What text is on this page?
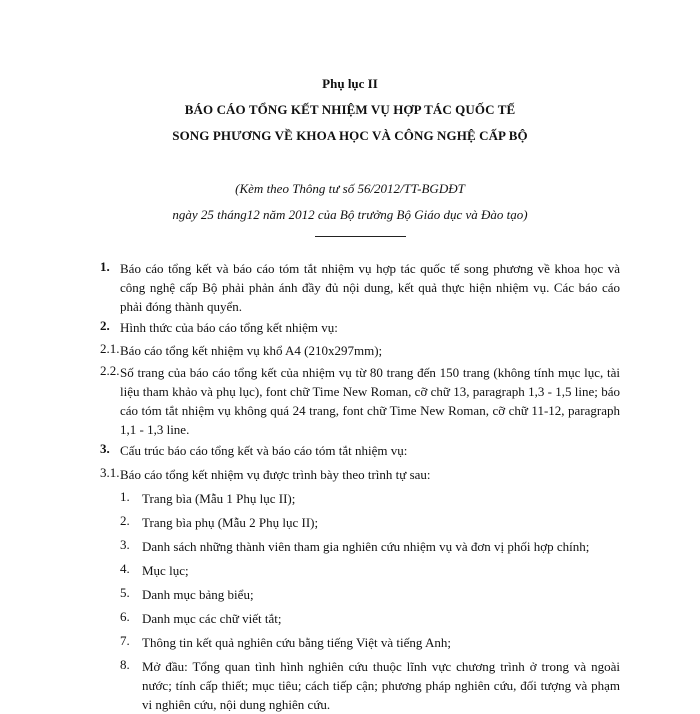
Phụ lục II
BÁO CÁO TỔNG KẾT NHIỆM VỤ HỢP TÁC QUỐC TẾ
SONG PHƯƠNG VỀ KHOA HỌC VÀ CÔNG NGHỆ CẤP BỘ
(Kèm theo Thông tư số 56/2012/TT-BGDĐT
ngày 25 tháng12 năm 2012 của Bộ trưởng Bộ Giáo dục và Đào tạo)
1. Báo cáo tổng kết và báo cáo tóm tắt nhiệm vụ hợp tác quốc tế song phương về khoa học và công nghệ cấp Bộ phải phản ánh đầy đủ nội dung, kết quả thực hiện nhiệm vụ. Các báo cáo phải đóng thành quyển.
2. Hình thức của báo cáo tổng kết nhiệm vụ:
2.1. Báo cáo tổng kết nhiệm vụ khổ A4 (210x297mm);
2.2. Số trang của báo cáo tổng kết của nhiệm vụ từ 80 trang đến 150 trang (không tính mục lục, tài liệu tham khảo và phụ lục), font chữ Time New Roman, cỡ chữ 13, paragraph 1,3 - 1,5 line; báo cáo tóm tắt nhiệm vụ không quá 24 trang, font chữ Time New Roman, cỡ chữ 11-12, paragraph 1,1 - 1,3 line.
3. Cấu trúc báo cáo tổng kết và báo cáo tóm tắt nhiệm vụ:
3.1. Báo cáo tổng kết nhiệm vụ được trình bày theo trình tự sau:
1. Trang bìa (Mẫu 1 Phụ lục II);
2. Trang bìa phụ (Mẫu 2 Phụ lục II);
3. Danh sách những thành viên tham gia nghiên cứu nhiệm vụ và đơn vị phối hợp chính;
4. Mục lục;
5. Danh mục bảng biểu;
6. Danh mục các chữ viết tắt;
7. Thông tin kết quả nghiên cứu bằng tiếng Việt và tiếng Anh;
8. Mở đầu: Tổng quan tình hình nghiên cứu thuộc lĩnh vực chương trình ở trong và ngoài nước; tính cấp thiết; mục tiêu; cách tiếp cận; phương pháp nghiên cứu, đối tượng và phạm vi nghiên cứu, nội dung nghiên cứu.
